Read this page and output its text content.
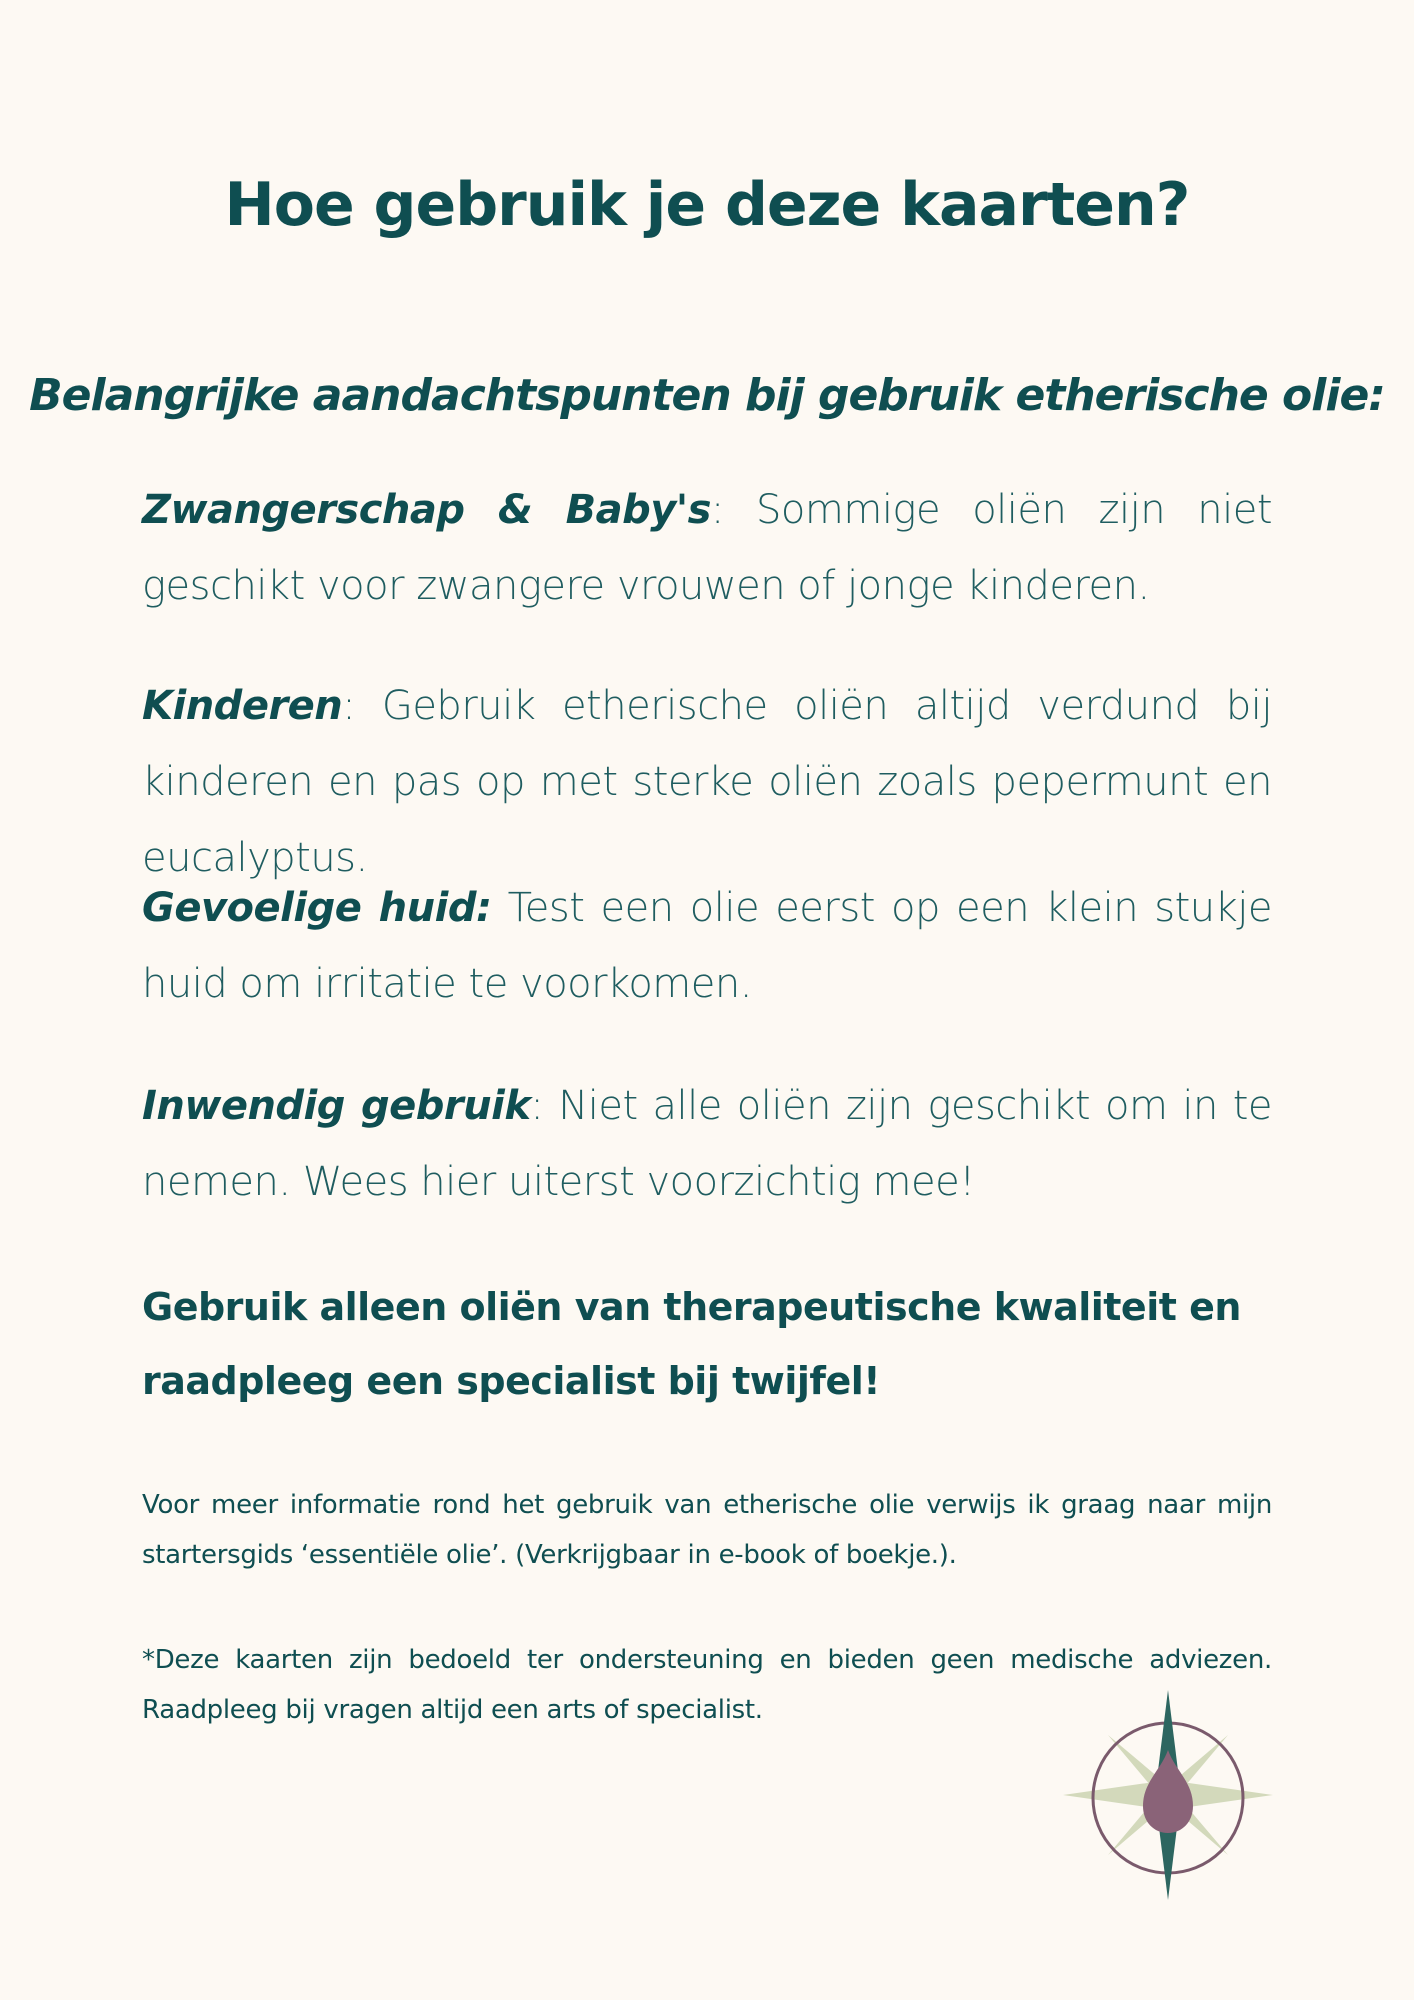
Hoe gebruik je deze kaarten?
Belangrijke aandachtspunten bij gebruik etherische olie:

Zwangerschap & Baby's: Sommige oliën zijn niet geschikt voor zwangere vrouwen of jonge kinderen.

Kinderen: Gebruik etherische oliën altijd verdund bij kinderen en pas op met sterke oliën zoals pepermunt en eucalyptus.

Gevoelige huid: Test een olie eerst op een klein stukje huid om irritatie te voorkomen.

Inwendig gebruik: Niet alle oliën zijn geschikt om in te nemen. Wees hier uiterst voorzichtig mee!

Gebruik alleen oliën van therapeutische kwaliteit en raadpleeg een specialist bij twijfel!

Voor meer informatie rond het gebruik van etherische olie verwijs ik graag naar mijn startersgids ‘essentiële olie’. (Verkrijgbaar in e-book of boekje.).

*Deze kaarten zijn bedoeld ter ondersteuning en bieden geen medische adviezen. Raadpleeg bij vragen altijd een arts of specialist.
